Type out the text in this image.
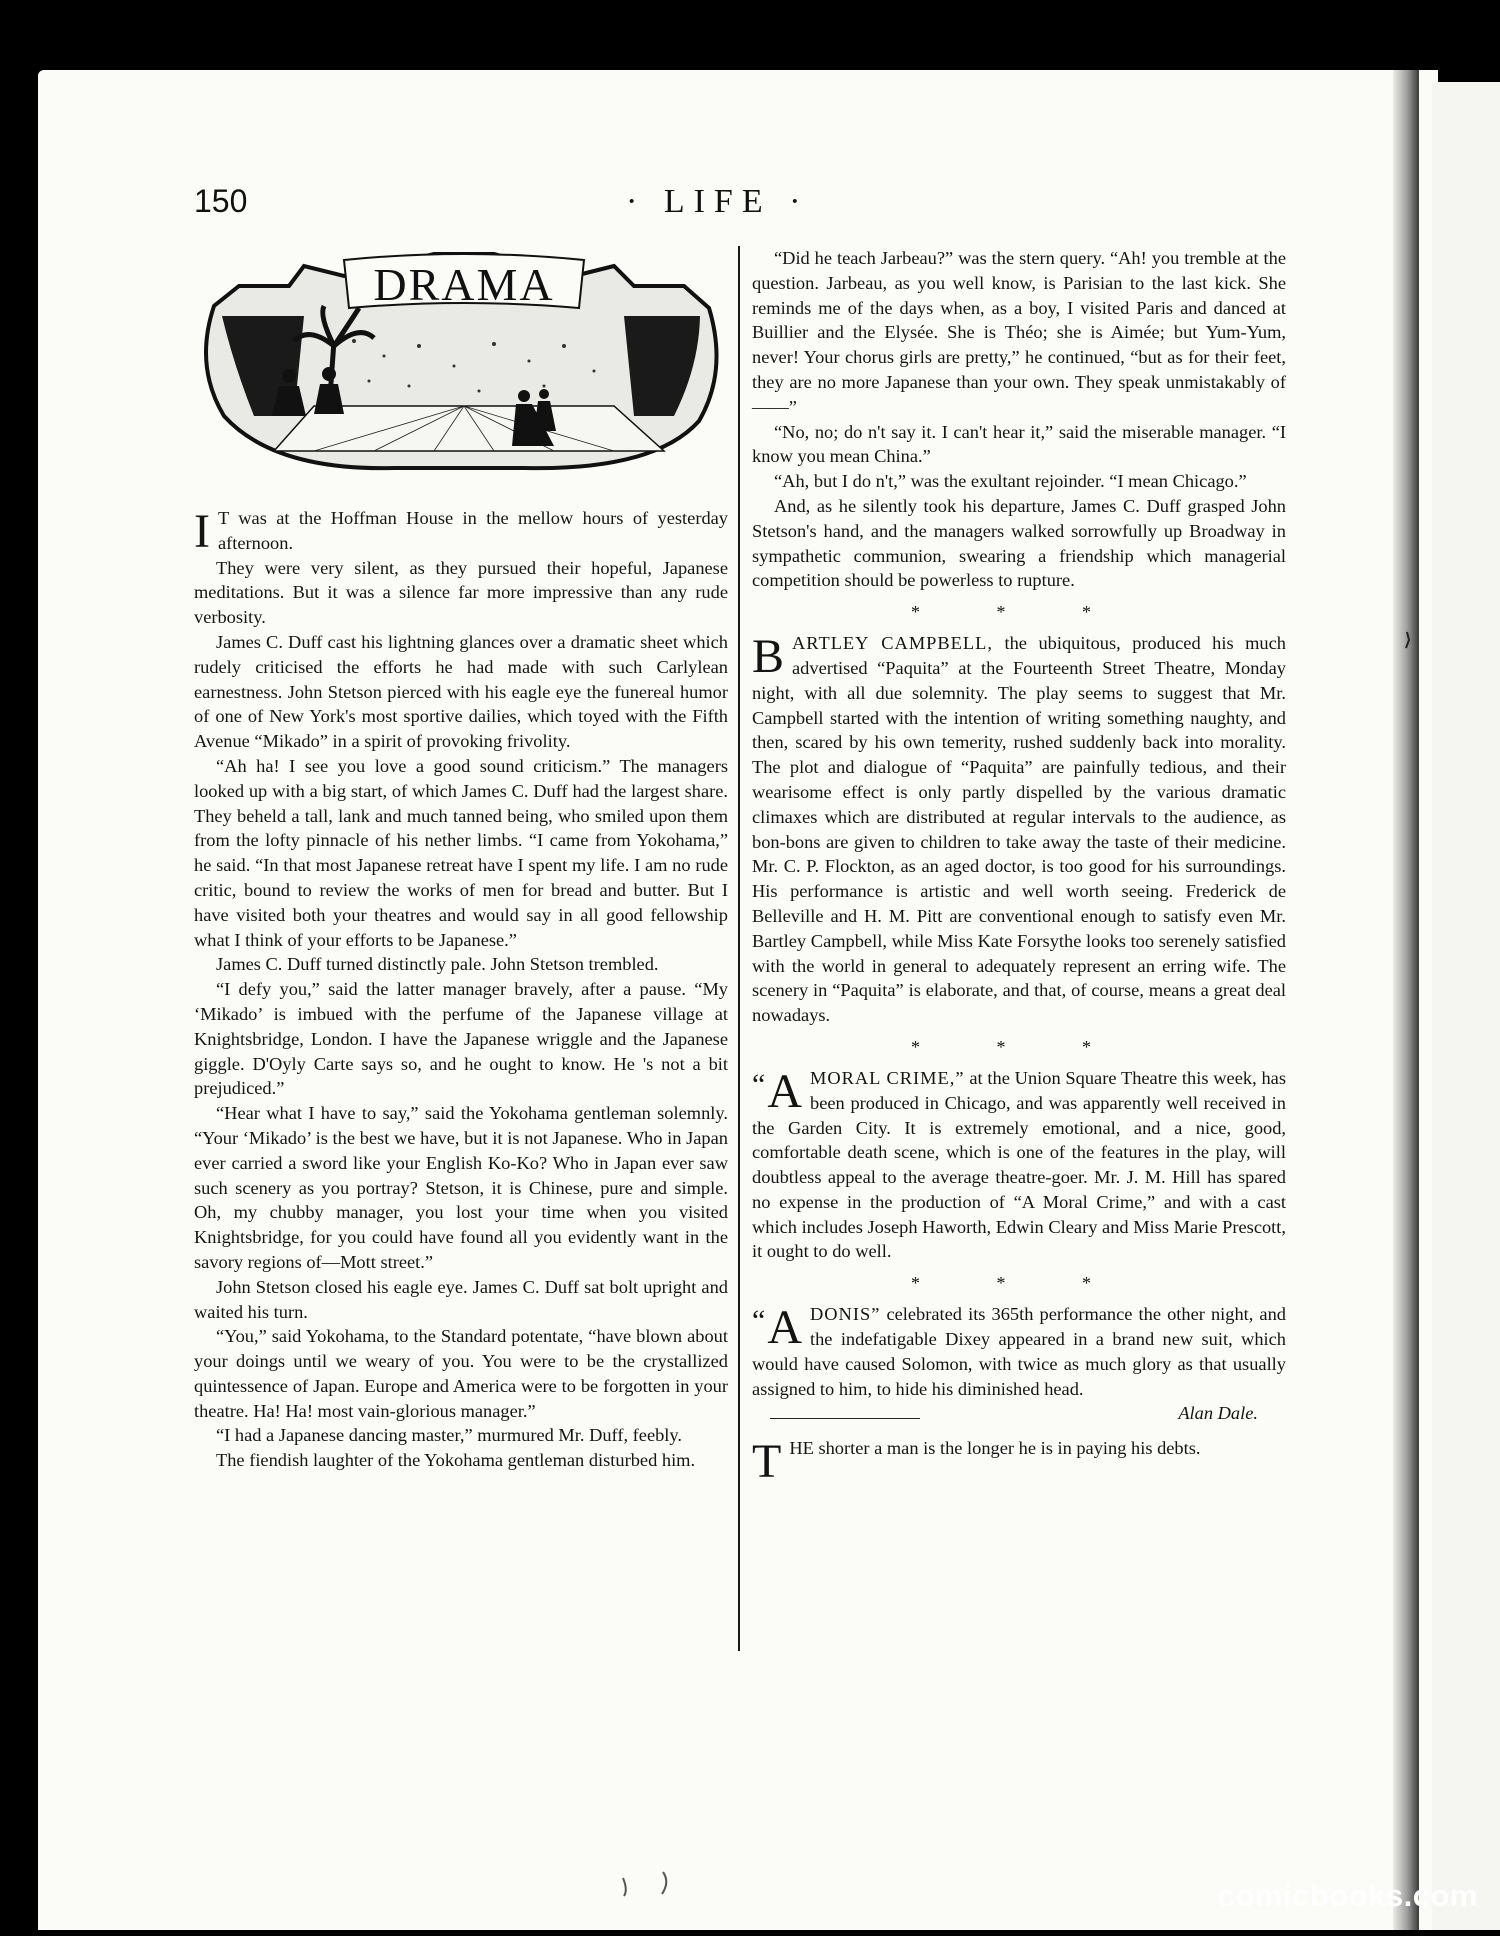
150	· LIFE ·
DRAMA

I T was at the Hoffman House in the mellow hours of yesterday afternoon.

They were very silent, as they pursued their hopeful, Japanese meditations. But it was a silence far more impressive than any rude verbosity.

James C. Duff cast his lightning glances over a dramatic sheet which rudely criticised the efforts he had made with such Carlylean earnestness. John Stetson pierced with his eagle eye the funereal humor of one of New York's most sportive dailies, which toyed with the Fifth Avenue “Mikado” in a spirit of provoking frivolity.

“Ah ha! I see you love a good sound criticism.” The managers looked up with a big start, of which James C. Duff had the largest share. They beheld a tall, lank and much tanned being, who smiled upon them from the lofty pinnacle of his nether limbs. “I came from Yokohama,” he said. “In that most Japanese retreat have I spent my life. I am no rude critic, bound to review the works of men for bread and butter. But I have visited both your theatres and would say in all good fellowship what I think of your efforts to be Japanese.”

James C. Duff turned distinctly pale. John Stetson trembled.

“I defy you,” said the latter manager bravely, after a pause. “My ‘Mikado’ is imbued with the perfume of the Japanese village at Knightsbridge, London. I have the Japanese wriggle and the Japanese giggle. D'Oyly Carte says so, and he ought to know. He 's not a bit prejudiced.”

“Hear what I have to say,” said the Yokohama gentleman solemnly. “Your ‘Mikado’ is the best we have, but it is not Japanese. Who in Japan ever carried a sword like your English Ko-Ko? Who in Japan ever saw such scenery as you portray? Stetson, it is Chinese, pure and simple. Oh, my chubby manager, you lost your time when you visited Knightsbridge, for you could have found all you evidently want in the savory regions of—Mott street.”

John Stetson closed his eagle eye. James C. Duff sat bolt upright and waited his turn.

“You,” said Yokohama, to the Standard potentate, “have blown about your doings until we weary of you. You were to be the crystallized quintessence of Japan. Europe and America were to be forgotten in your theatre. Ha! Ha! most vain-glorious manager.”

“I had a Japanese dancing master,” murmured Mr. Duff, feebly.

The fiendish laughter of the Yokohama gentleman disturbed him.

“Did he teach Jarbeau?” was the stern query. “Ah! you tremble at the question. Jarbeau, as you well know, is Parisian to the last kick. She reminds me of the days when, as a boy, I visited Paris and danced at Buillier and the Elysée. She is Théo; she is Aimée; but Yum-Yum, never! Your chorus girls are pretty,” he continued, “but as for their feet, they are no more Japanese than your own. They speak unmistakably of——”

“No, no; do n't say it. I can't hear it,” said the miserable manager. “I know you mean China.”

“Ah, but I do n't,” was the exultant rejoinder. “I mean Chicago.”

And, as he silently took his departure, James C. Duff grasped John Stetson's hand, and the managers walked sorrowfully up Broadway in sympathetic communion, swearing a friendship which managerial competition should be powerless to rupture.

* * *

BARTLEY CAMPBELL, the ubiquitous, produced his much advertised “Paquita” at the Fourteenth Street Theatre, Monday night, with all due solemnity. The play seems to suggest that Mr. Campbell started with the intention of writing something naughty, and then, scared by his own temerity, rushed suddenly back into morality. The plot and dialogue of “Paquita” are painfully tedious, and their wearisome effect is only partly dispelled by the various dramatic climaxes which are distributed at regular intervals to the audience, as bon-bons are given to children to take away the taste of their medicine. Mr. C. P. Flockton, as an aged doctor, is too good for his surroundings. His performance is artistic and well worth seeing. Frederick de Belleville and H. M. Pitt are conventional enough to satisfy even Mr. Bartley Campbell, while Miss Kate Forsythe looks too serenely satisfied with the world in general to adequately represent an erring wife. The scenery in “Paquita” is elaborate, and that, of course, means a great deal nowadays.

* * *

“ A MORAL CRIME,” at the Union Square Theatre this week, has been produced in Chicago, and was apparently well received in the Garden City. It is extremely emotional, and a nice, good, comfortable death scene, which is one of the features in the play, will doubtless appeal to the average theatre-goer. Mr. J. M. Hill has spared no expense in the production of “A Moral Crime,” and with a cast which includes Joseph Haworth, Edwin Cleary and Miss Marie Prescott, it ought to do well.

* * *

“ A DONIS” celebrated its 365th performance the other night, and the indefatigable Dixey appeared in a brand new suit, which would have caused Solomon, with twice as much glory as that usually assigned to him, to hide his diminished head.

Alan Dale.

THE shorter a man is the longer he is in paying his debts.

comicbooks.com
